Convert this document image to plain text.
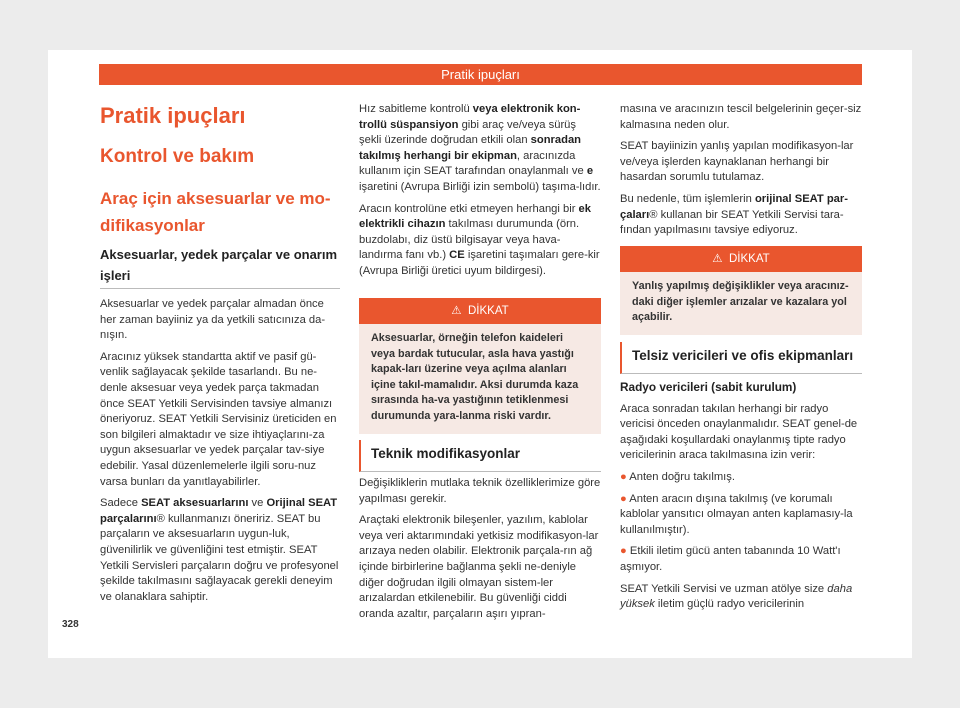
Pratik ipuçları
Pratik ipuçları
Kontrol ve bakım
Araç için aksesuarlar ve mo-difikasyonlar
Aksesuarlar, yedek parçalar ve onarım işleri

Aksesuarlar ve yedek parçalar almadan önce her zaman bayiiniz ya da yetkili satıcınıza da-nışın.

Aracınız yüksek standartta aktif ve pasif gü-venlik sağlayacak şekilde tasarlandı. Bu ne-denle aksesuar veya yedek parça takmadan önce SEAT Yetkili Servisinden tavsiye almanızı öneriyoruz. SEAT Yetkili Servisiniz üreticiden en son bilgileri almaktadır ve size ihtiyaçlarını-za uygun aksesuarlar ve yedek parçalar tav-siye edebilir. Yasal düzenlemelerle ilgili soru-nuz varsa bunları da yanıtlayabilirler.

Sadece SEAT aksesuarlarını ve Orijinal SEAT parçalarını® kullanmanızı öneririz. SEAT bu parçaların ve aksesuarların uygun-luk, güvenilirlik ve güvenliğini test etmiştir. SEAT Yetkili Servisleri parçaların doğru ve profesyonel şekilde takılmasını sağlayacak gerekli deneyim ve olanaklara sahiptir.

Hız sabitleme kontrolü veya elektronik kon-trollü süspansiyon gibi araç ve/veya sürüş şekli üzerinde doğrudan etkili olan sonradan takılmış herhangi bir ekipman, aracınızda kullanım için SEAT tarafından onaylanmalı ve e işaretini (Avrupa Birliği izin sembolü) taşıma-lıdır.

Aracın kontrolüne etki etmeyen herhangi bir ek elektrikli cihazın takılması durumunda (örn. buzdolabı, diz üstü bilgisayar veya hava-landırma fanı vb.) CE işaretini taşımaları gere-kir (Avrupa Birliği üretici uyum bildirgesi).

⚠ DİKKAT
Aksesuarlar, örneğin telefon kaideleri veya bardak tutucular, asla hava yastığı kapak-ları üzerine veya açılma alanları içine takıl-mamalıdır. Aksi durumda kaza sırasında ha-va yastığının tetiklenmesi durumunda yara-lanma riski vardır.
Teknik modifikasyonlar

Değişikliklerin mutlaka teknik özelliklerimize göre yapılması gerekir.

Araçtaki elektronik bileşenler, yazılım, kablolar veya veri aktarımındaki yetkisiz modifikasyon-lar arızaya neden olabilir. Elektronik parçala-rın ağ içinde birbirlerine bağlanma şekli ne-deniyle diğer doğrudan ilgili olmayan sistem-ler arızalardan etkilenebilir. Bu güvenliği ciddi oranda azaltır, parçaların aşırı yıpran-

masına ve aracınızın tescil belgelerinin geçer-siz kalmasına neden olur.

SEAT bayiinizin yanlış yapılan modifikasyon-lar ve/veya işlerden kaynaklanan herhangi bir hasardan sorumlu tutulamaz.

Bu nedenle, tüm işlemlerin orijinal SEAT par-çaları® kullanan bir SEAT Yetkili Servisi tara-fından yapılmasını tavsiye ediyoruz.

⚠ DİKKAT
Yanlış yapılmış değişiklikler veya aracınız-daki diğer işlemler arızalar ve kazalara yol açabilir.
Telsiz vericileri ve ofis ekipmanları

Radyo vericileri (sabit kurulum)

Araca sonradan takılan herhangi bir radyo vericisi önceden onaylanmalıdır. SEAT genel-de aşağıdaki koşullardaki onaylanmış tipte radyo vericilerinin araca takılmasına izin verir:

● Anten doğru takılmış.

● Anten aracın dışına takılmış (ve korumalı kablolar yansıtıcı olmayan anten kaplamasıy-la kullanılmıştır).

● Etkili iletim gücü anten tabanında 10 Watt'ı aşmıyor.

SEAT Yetkili Servisi ve uzman atölye size daha yüksek iletim güçlü radyo vericilerinin

328
